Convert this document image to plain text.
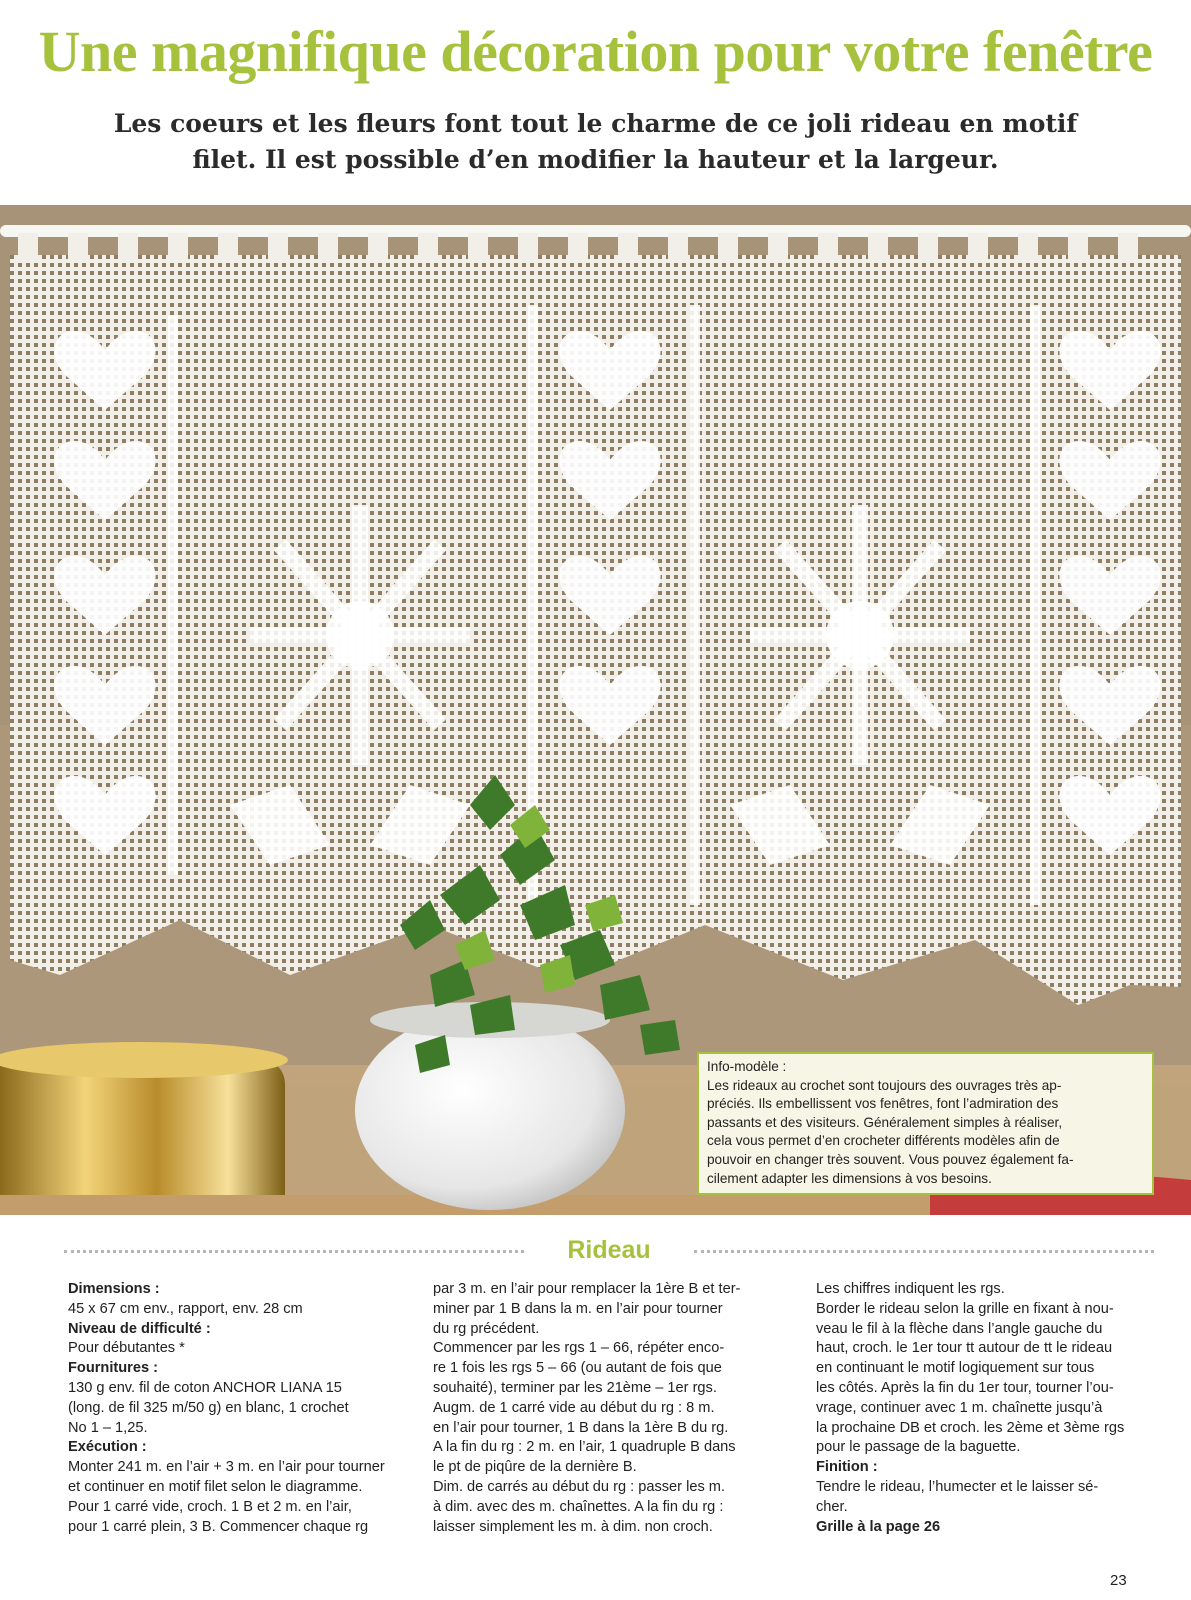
Une magnifique décoration pour votre fenêtre
Les coeurs et les fleurs font tout le charme de ce joli rideau en motif
filet. Il est possible d’en modifier la hauteur et la largeur.

Info-modèle :

Les rideaux au crochet sont toujours des ouvrages très ap-

préciés. Ils embellissent vos fenêtres, font l’admiration des

passants et des visiteurs. Généralement simples à réaliser,

cela vous permet d’en crocheter différents modèles afin de

pouvoir en changer très souvent. Vous pouvez également fa-

cilement adapter les dimensions à vos besoins.

Rideau

Dimensions :

45 x 67 cm env., rapport, env. 28 cm

Niveau de difficulté :

Pour débutantes *

Fournitures :

130 g env. fil de coton ANCHOR LIANA 15

(long. de fil 325 m/50 g) en blanc, 1 crochet

No 1 – 1,25.

Exécution :

Monter 241 m. en l’air + 3 m. en l’air pour tourner

et continuer en motif filet selon le diagramme.

Pour 1 carré vide, croch. 1 B et 2 m. en l’air,

pour 1 carré plein, 3 B. Commencer chaque rg

par 3 m. en l’air pour remplacer la 1ère B et ter-

miner par 1 B dans la m. en l’air pour tourner

du rg précédent.

Commencer par les rgs 1 – 66, répéter enco-

re 1 fois les rgs 5 – 66 (ou autant de fois que

souhaité), terminer par les 21ème – 1er rgs.

Augm. de 1 carré vide au début du rg : 8 m.

en l’air pour tourner, 1 B dans la 1ère B du rg.

A la fin du rg : 2 m. en l’air, 1 quadruple B dans

le pt de piqûre de la dernière B.

Dim. de carrés au début du rg : passer les m.

à dim. avec des m. chaînettes. A la fin du rg :

laisser simplement les m. à dim. non croch.

Les chiffres indiquent les rgs.

Border le rideau selon la grille en fixant à nou-

veau le fil à la flèche dans l’angle gauche du

haut, croch. le 1er tour tt autour de tt le rideau

en continuant le motif logiquement sur tous

les côtés. Après la fin du 1er tour, tourner l’ou-

vrage, continuer avec 1 m. chaînette jusqu’à

la prochaine DB et croch. les 2ème et 3ème rgs

pour le passage de la baguette.

Finition :

Tendre le rideau, l’humecter et le laisser sé-

cher.

Grille à la page 26

23
